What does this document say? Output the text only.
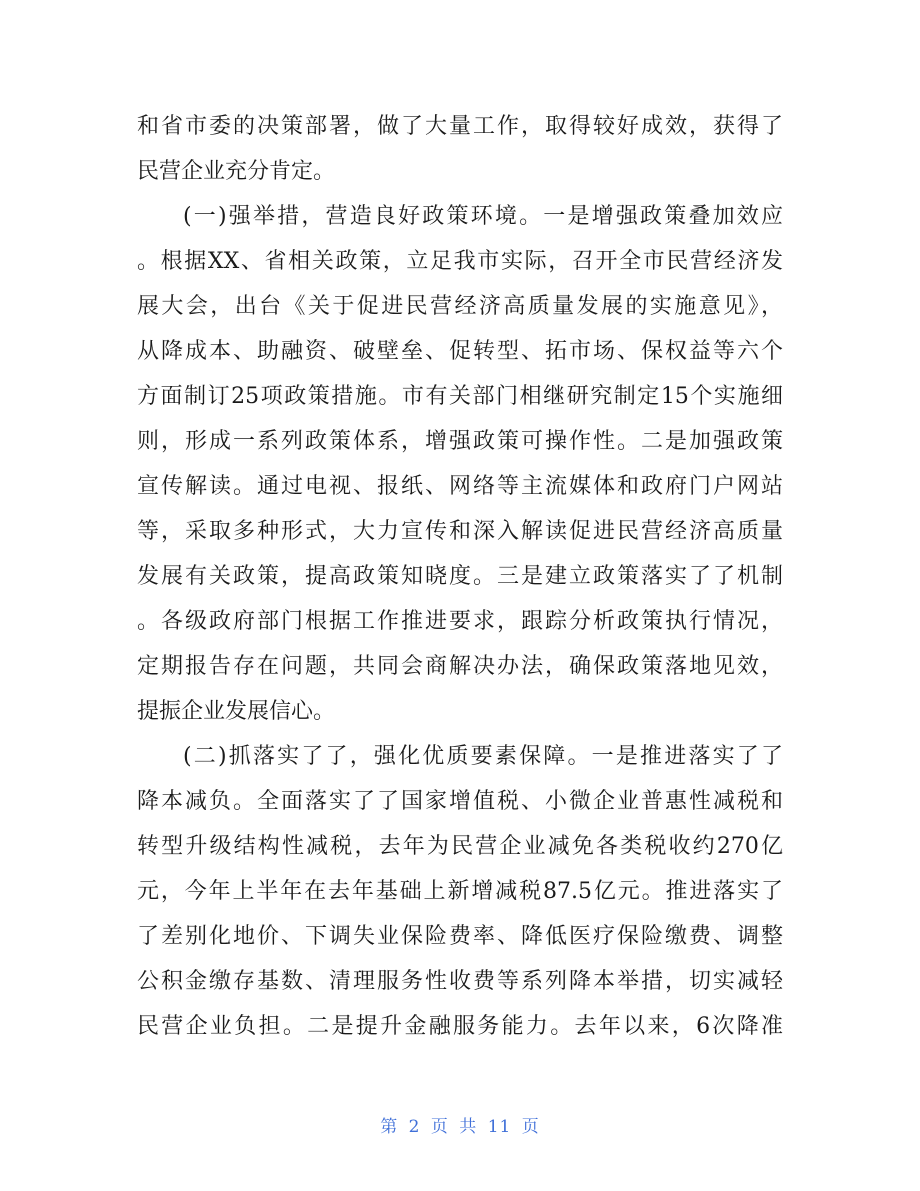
和省市委的决策部署，做了大量工作，取得较好成效，获得了
民营企业充分肯定。
(一)强举措，营造良好政策环境。一是增强政策叠加效应
。根据XX、省相关政策，立足我市实际，召开全市民营经济发
展大会，出台《关于促进民营经济高质量发展的实施意见》，
从降成本、助融资、破壁垒、促转型、拓市场、保权益等六个
方面制订25项政策措施。市有关部门相继研究制定15个实施细
则，形成一系列政策体系，增强政策可操作性。二是加强政策
宣传解读。通过电视、报纸、网络等主流媒体和政府门户网站
等，采取多种形式，大力宣传和深入解读促进民营经济高质量
发展有关政策，提高政策知晓度。三是建立政策落实了了机制
。各级政府部门根据工作推进要求，跟踪分析政策执行情况，
定期报告存在问题，共同会商解决办法，确保政策落地见效，
提振企业发展信心。
(二)抓落实了了，强化优质要素保障。一是推进落实了了
降本减负。全面落实了了国家增值税、小微企业普惠性减税和
转型升级结构性减税，去年为民营企业减免各类税收约270亿
元，今年上半年在去年基础上新增减税87.5亿元。推进落实了
了差别化地价、下调失业保险费率、降低医疗保险缴费、调整
公积金缴存基数、清理服务性收费等系列降本举措，切实减轻
民营企业负担。二是提升金融服务能力。去年以来，6次降准
第 2 页 共 11 页
